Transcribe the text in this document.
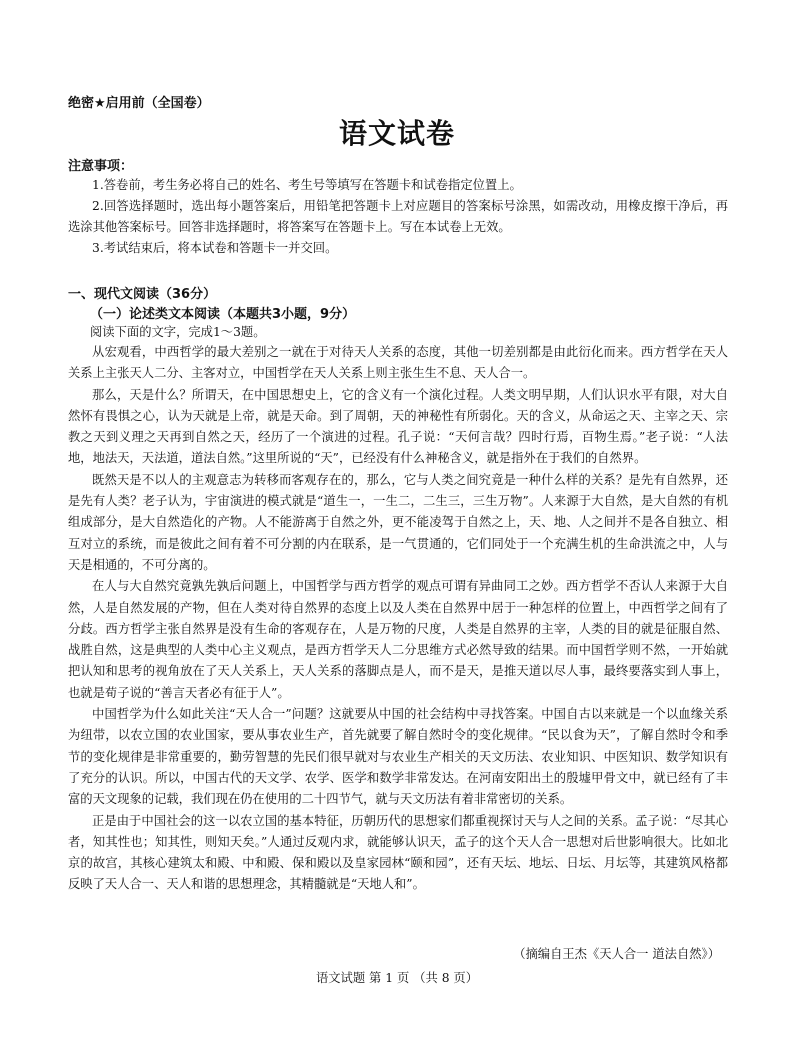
绝密★启用前（全国卷）
语文试卷
注意事项：

1.答卷前，考生务必将自己的姓名、考生号等填写在答题卡和试卷指定位置上。

2.回答选择题时，选出每小题答案后，用铅笔把答题卡上对应题目的答案标号涂黑，如需改动，用橡皮擦干净后，再选涂其他答案标号。回答非选择题时，将答案写在答题卡上。写在本试卷上无效。

3.考试结束后，将本试卷和答题卡一并交回。

一、现代文阅读（36分）
（一）论述类文本阅读（本题共3小题，9分）
阅读下面的文字，完成1～3题。

从宏观看，中西哲学的最大差别之一就在于对待天人关系的态度，其他一切差别都是由此衍化而来。西方哲学在天人关系上主张天人二分、主客对立，中国哲学在天人关系上则主张生生不息、天人合一。

那么，天是什么？所谓天，在中国思想史上，它的含义有一个演化过程。人类文明早期，人们认识水平有限，对大自然怀有畏惧之心，认为天就是上帝，就是天命。到了周朝，天的神秘性有所弱化。天的含义，从命运之天、主宰之天、宗教之天到义理之天再到自然之天，经历了一个演进的过程。孔子说：“天何言哉？四时行焉，百物生焉。”老子说：“人法地，地法天，天法道，道法自然。”这里所说的“天”，已经没有什么神秘含义，就是指外在于我们的自然界。

既然天是不以人的主观意志为转移而客观存在的，那么，它与人类之间究竟是一种什么样的关系？是先有自然界，还是先有人类？老子认为，宇宙演进的模式就是“道生一，一生二，二生三，三生万物”。人来源于大自然，是大自然的有机组成部分，是大自然造化的产物。人不能游离于自然之外，更不能凌驾于自然之上，天、地、人之间并不是各自独立、相互对立的系统，而是彼此之间有着不可分割的内在联系，是一气贯通的，它们同处于一个充满生机的生命洪流之中，人与天是相通的，不可分离的。

在人与大自然究竟孰先孰后问题上，中国哲学与西方哲学的观点可谓有异曲同工之妙。西方哲学不否认人来源于大自然，人是自然发展的产物，但在人类对待自然界的态度上以及人类在自然界中居于一种怎样的位置上，中西哲学之间有了分歧。西方哲学主张自然界是没有生命的客观存在，人是万物的尺度，人类是自然界的主宰，人类的目的就是征服自然、战胜自然，这是典型的人类中心主义观点，是西方哲学天人二分思维方式必然导致的结果。而中国哲学则不然，一开始就把认知和思考的视角放在了天人关系上，天人关系的落脚点是人，而不是天，是推天道以尽人事，最终要落实到人事上，也就是荀子说的“善言天者必有征于人”。

中国哲学为什么如此关注“天人合一”问题？这就要从中国的社会结构中寻找答案。中国自古以来就是一个以血缘关系为纽带，以农立国的农业国家，要从事农业生产，首先就要了解自然时令的变化规律。“民以食为天”，了解自然时令和季节的变化规律是非常重要的，勤劳智慧的先民们很早就对与农业生产相关的天文历法、农业知识、中医知识、数学知识有了充分的认识。所以，中国古代的天文学、农学、医学和数学非常发达。在河南安阳出土的殷墟甲骨文中，就已经有了丰富的天文现象的记载，我们现在仍在使用的二十四节气，就与天文历法有着非常密切的关系。

正是由于中国社会的这一以农立国的基本特征，历朝历代的思想家们都重视探讨天与人之间的关系。孟子说：“尽其心者，知其性也；知其性，则知天矣。”人通过反观内求，就能够认识天，孟子的这个天人合一思想对后世影响很大。比如北京的故宫，其核心建筑太和殿、中和殿、保和殿以及皇家园林“颐和园”，还有天坛、地坛、日坛、月坛等，其建筑风格都反映了天人合一、天人和谐的思想理念，其精髓就是“天地人和”。

（摘编自王杰《天人合一 道法自然》）
语文试题 第 1 页 （共 8 页）
